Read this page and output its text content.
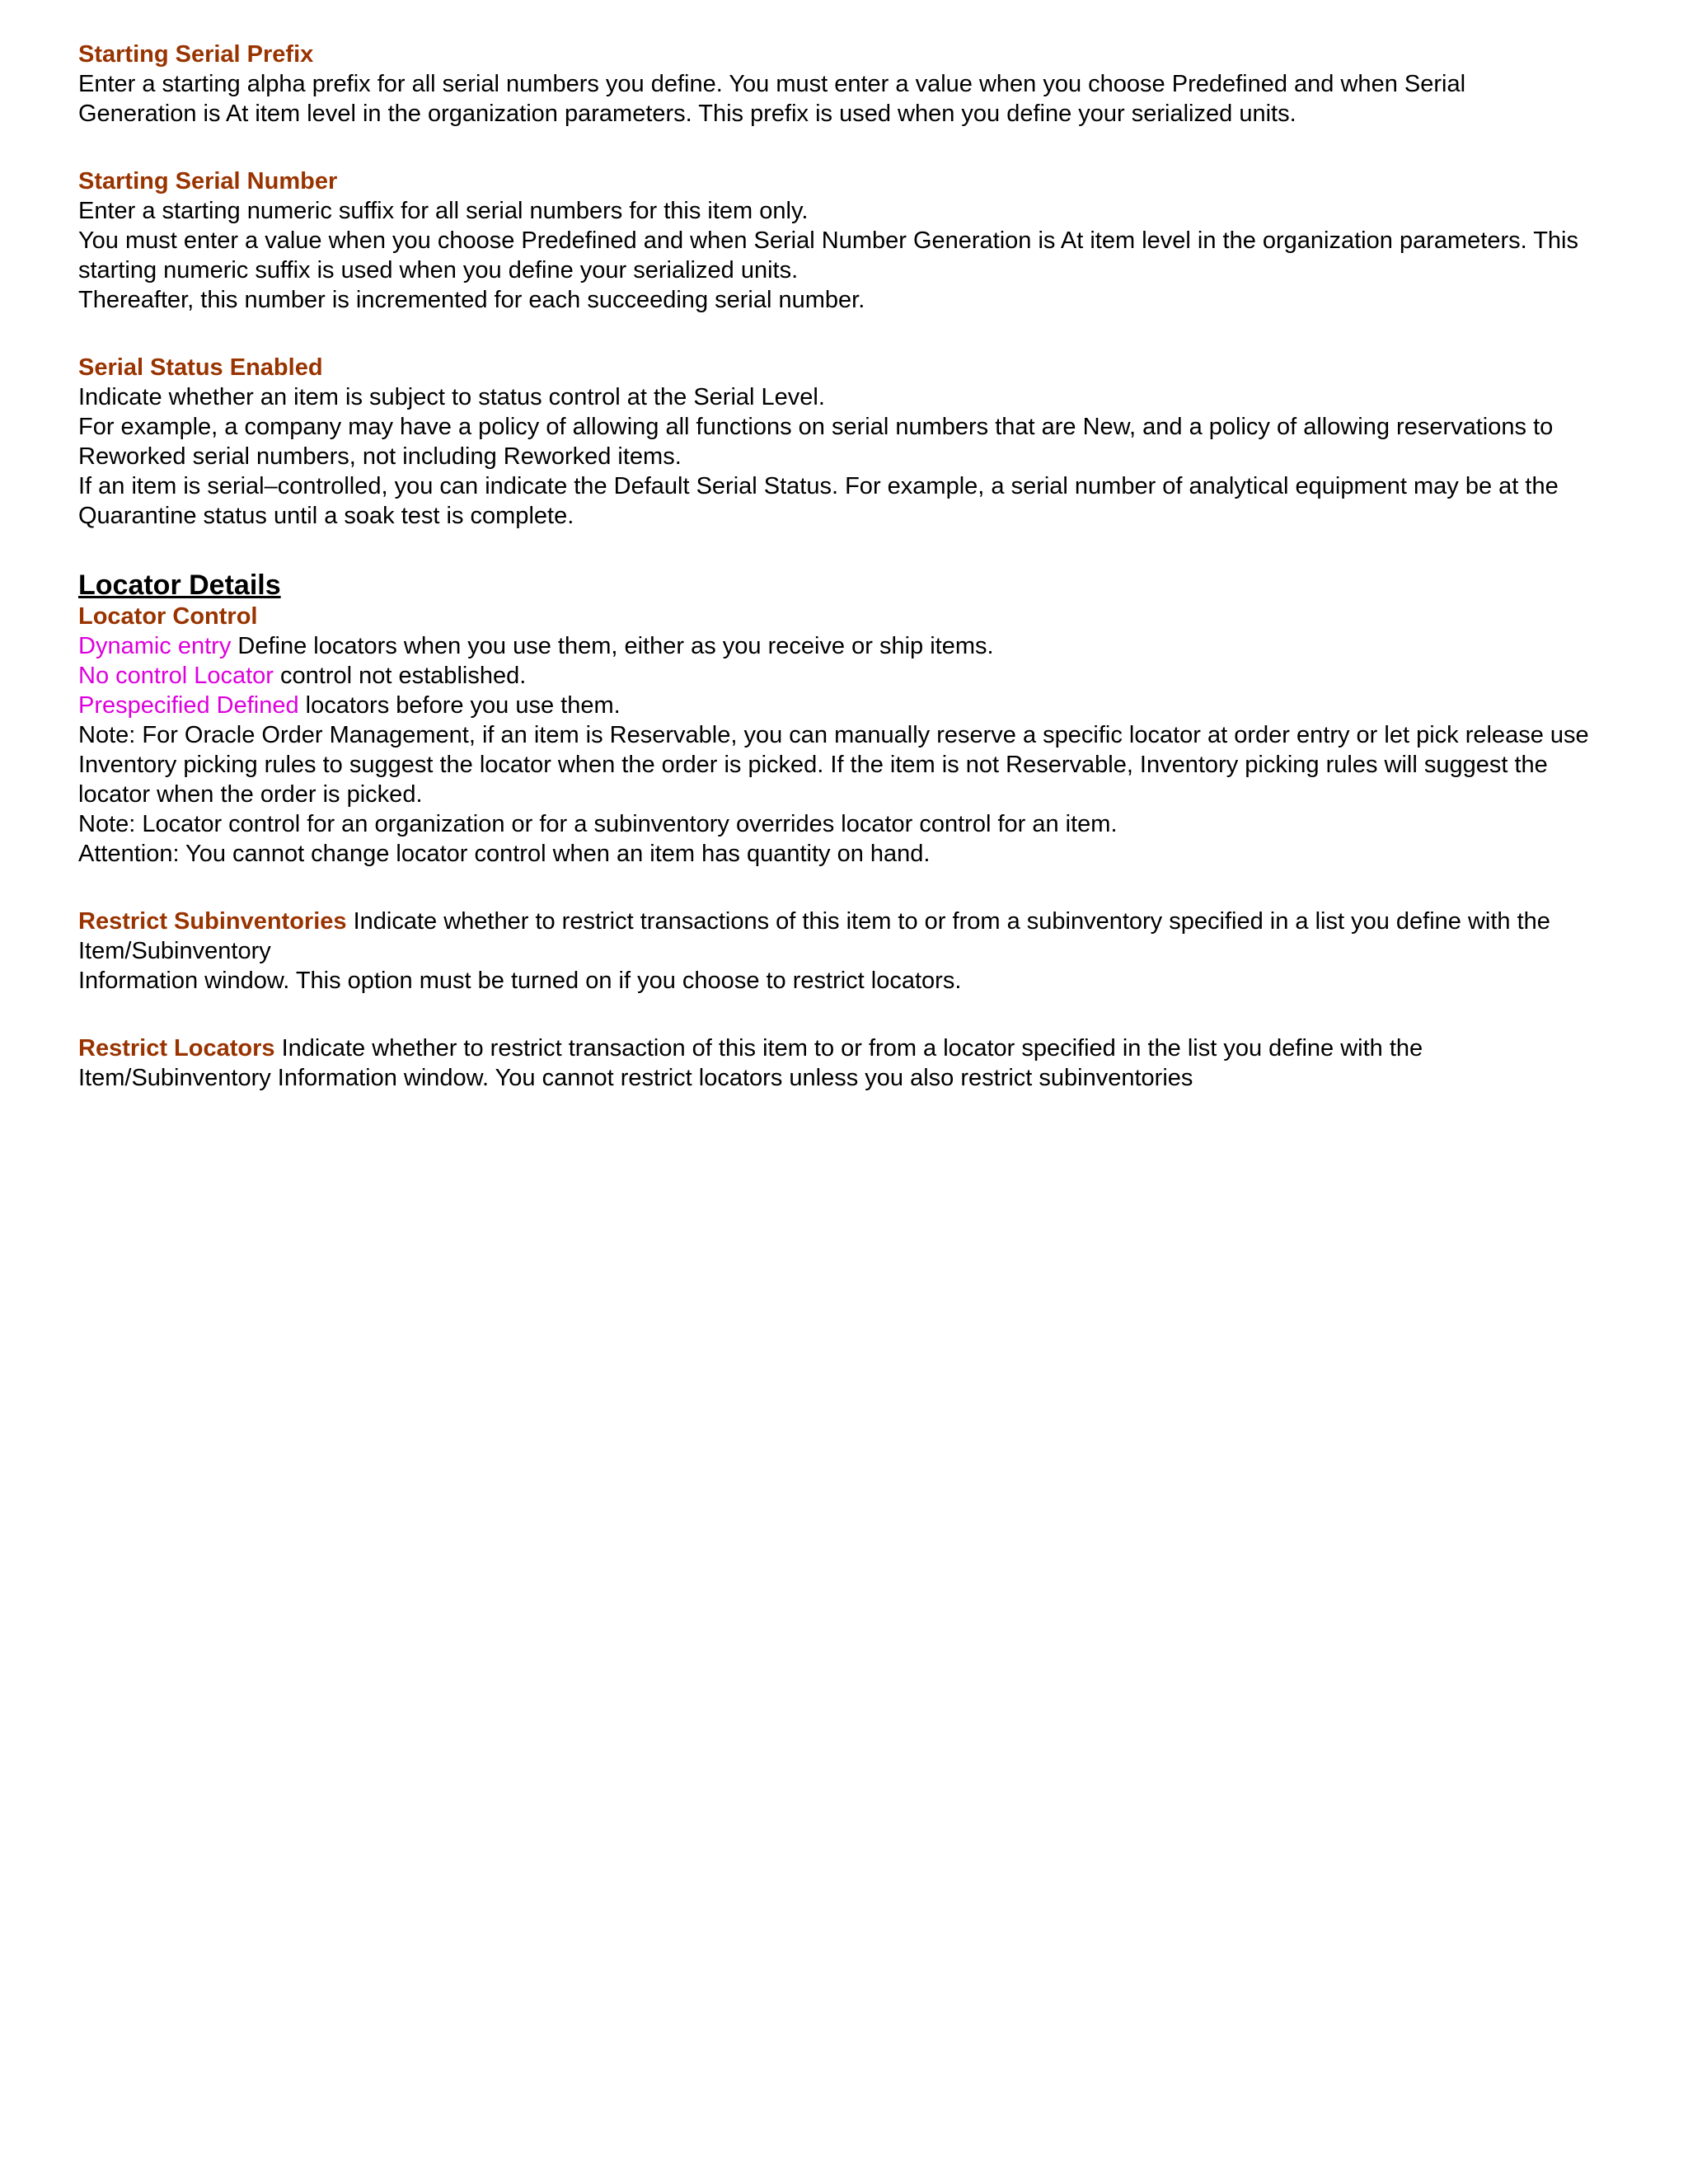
Starting Serial Prefix
Enter a starting alpha prefix for all serial numbers you define. You must enter a value when you choose Predefined and when Serial
Generation is At item level in the organization parameters. This prefix is used when you define your serialized units.
Starting Serial Number
Enter a starting numeric suffix for all serial numbers for this item only.
You must enter a value when you choose Predefined and when Serial Number Generation is At item level in the organization parameters. This
starting numeric suffix is used when you define your serialized units.
Thereafter, this number is incremented for each succeeding serial number.
Serial Status Enabled
Indicate whether an item is subject to status control at the Serial Level.
For example, a company may have a policy of allowing all functions on serial numbers that are New, and a policy of allowing reservations to
Reworked serial numbers, not including Reworked items.
If an item is serial–controlled, you can indicate the Default Serial Status. For example, a serial number of analytical equipment may be at the
Quarantine status until a soak test is complete.
Locator Details
Locator Control
Dynamic entry Define locators when you use them, either as you receive or ship items.
No control Locator control not established.
Prespecified Defined locators before you use them.
Note: For Oracle Order Management, if an item is Reservable, you can manually reserve a specific locator at order entry or let pick release use
Inventory picking rules to suggest the locator when the order is picked. If the item is not Reservable, Inventory picking rules will suggest the
locator when the order is picked.
Note: Locator control for an organization or for a subinventory overrides locator control for an item.
Attention: You cannot change locator control when an item has quantity on hand.
Restrict Subinventories Indicate whether to restrict transactions of this item to or from a subinventory specified in a list you define with the
Item/Subinventory
Information window. This option must be turned on if you choose to restrict locators.
Restrict Locators Indicate whether to restrict transaction of this item to or from a locator specified in the list you define with the
Item/Subinventory Information window. You cannot restrict locators unless you also restrict subinventories
